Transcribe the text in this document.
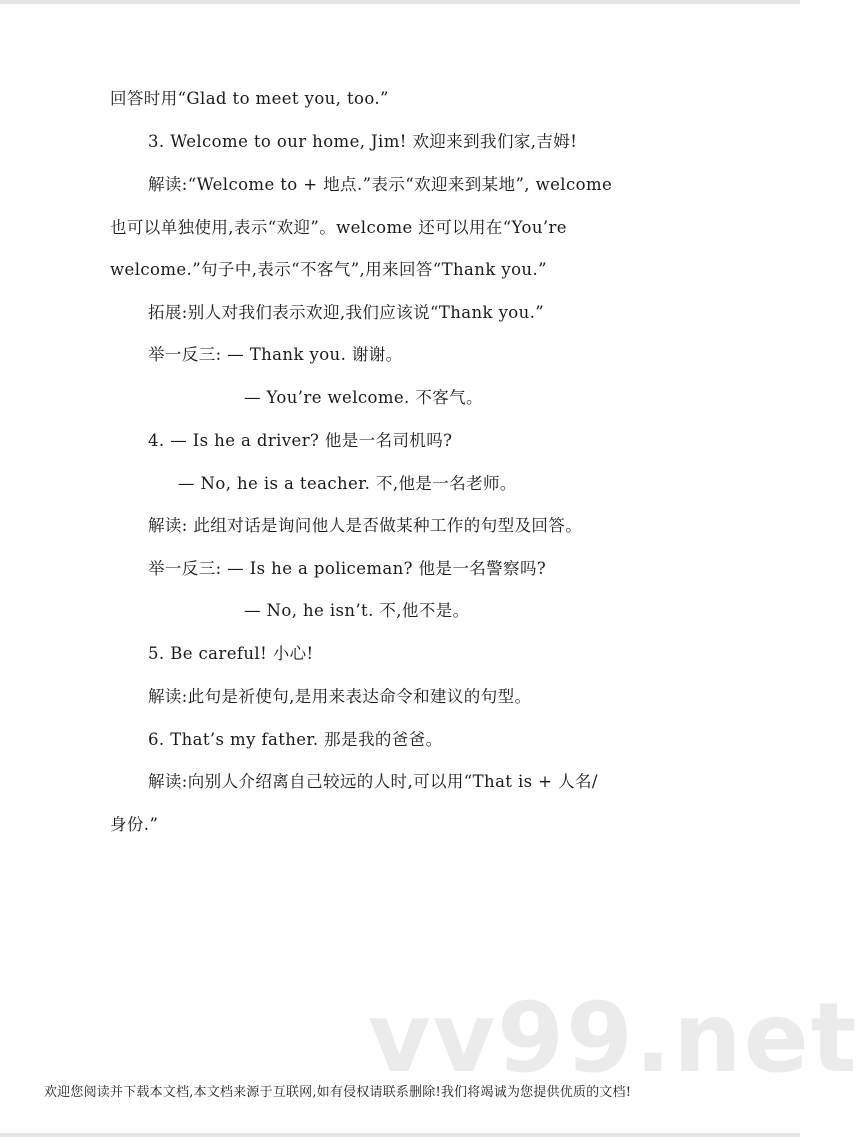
回答时用“Glad to meet you, too.”
3. Welcome to our home, Jim! 欢迎来到我们家,吉姆!
解读:“Welcome to + 地点.”表示“欢迎来到某地”, welcome
也可以单独使用,表示“欢迎”。welcome 还可以用在“You’re
welcome.”句子中,表示“不客气”,用来回答“Thank you.”
拓展:别人对我们表示欢迎,我们应该说“Thank you.”
举一反三: — Thank you. 谢谢。
— You’re welcome. 不客气。
4. — Is he a driver? 他是一名司机吗?
— No, he is a teacher. 不,他是一名老师。
解读: 此组对话是询问他人是否做某种工作的句型及回答。
举一反三: — Is he a policeman? 他是一名警察吗?
— No, he isn’t. 不,他不是。
5. Be careful! 小心!
解读:此句是祈使句,是用来表达命令和建议的句型。
6. That’s my father. 那是我的爸爸。
解读:向别人介绍离自己较远的人时,可以用“That is + 人名/
身份.”
vv99.net
欢迎您阅读并下载本文档,本文档来源于互联网,如有侵权请联系删除!我们将竭诚为您提供优质的文档!
